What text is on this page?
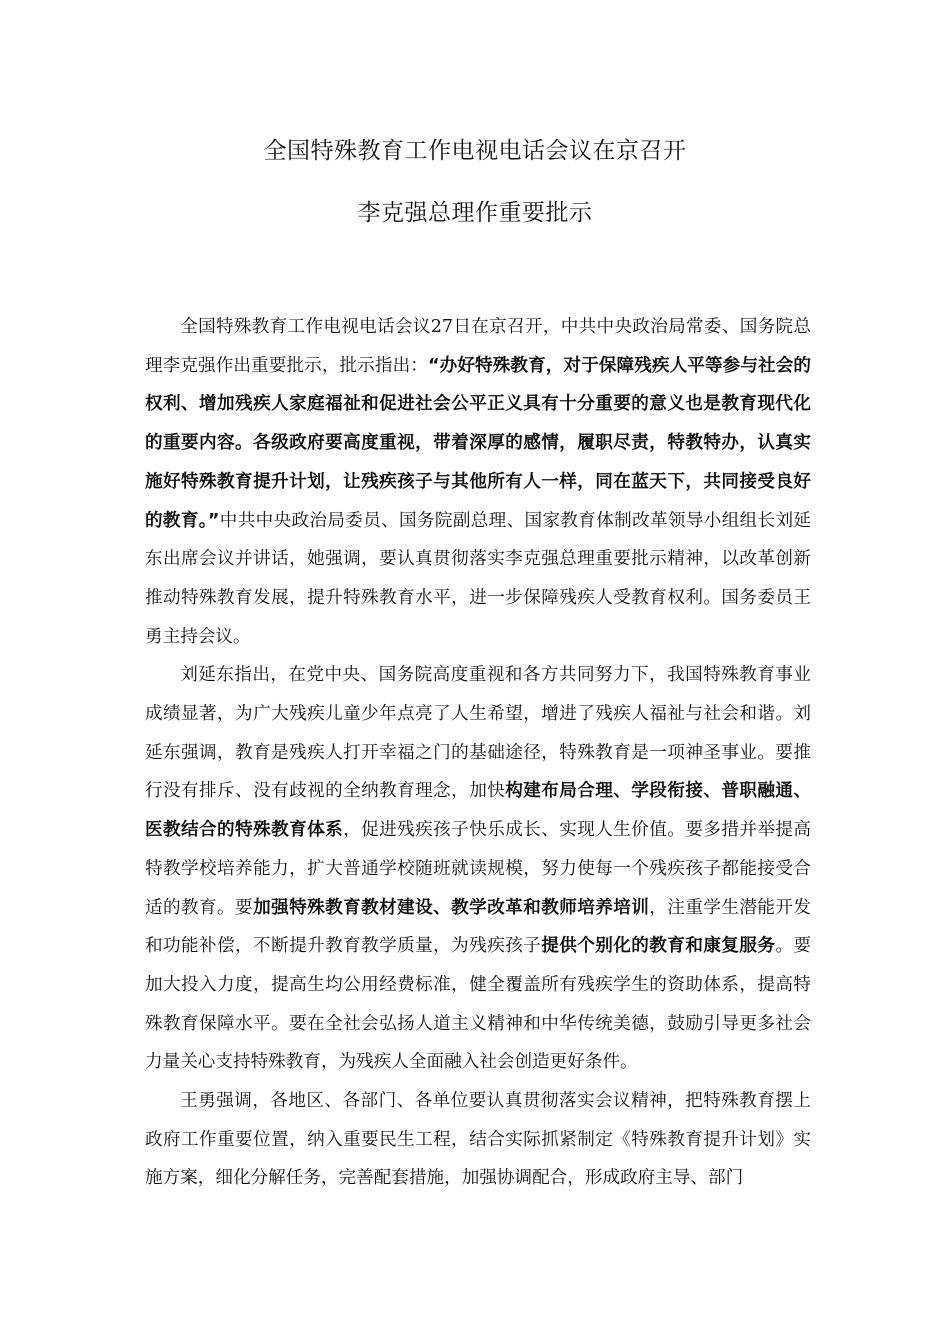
全国特殊教育工作电视电话会议在京召开
李克强总理作重要批示

全国特殊教育工作电视电话会议27日在京召开，中共中央政治局常委、国务院总理李克强作出重要批示，批示指出：“办好特殊教育，对于保障残疾人平等参与社会的权利、增加残疾人家庭福祉和促进社会公平正义具有十分重要的意义也是教育现代化的重要内容。各级政府要高度重视，带着深厚的感情，履职尽责，特教特办，认真实施好特殊教育提升计划，让残疾孩子与其他所有人一样，同在蓝天下，共同接受良好的教育。”中共中央政治局委员、国务院副总理、国家教育体制改革领导小组组长刘延东出席会议并讲话，她强调，要认真贯彻落实李克强总理重要批示精神，以改革创新推动特殊教育发展，提升特殊教育水平，进一步保障残疾人受教育权利。国务委员王勇主持会议。

刘延东指出，在党中央、国务院高度重视和各方共同努力下，我国特殊教育事业成绩显著，为广大残疾儿童少年点亮了人生希望，增进了残疾人福祉与社会和谐。刘延东强调，教育是残疾人打开幸福之门的基础途径，特殊教育是一项神圣事业。要推行没有排斥、没有歧视的全纳教育理念，加快构建布局合理、学段衔接、普职融通、医教结合的特殊教育体系，促进残疾孩子快乐成长、实现人生价值。要多措并举提高特教学校培养能力，扩大普通学校随班就读规模，努力使每一个残疾孩子都能接受合适的教育。要加强特殊教育教材建设、教学改革和教师培养培训，注重学生潜能开发和功能补偿，不断提升教育教学质量，为残疾孩子提供个别化的教育和康复服务。要加大投入力度，提高生均公用经费标准，健全覆盖所有残疾学生的资助体系，提高特殊教育保障水平。要在全社会弘扬人道主义精神和中华传统美德，鼓励引导更多社会力量关心支持特殊教育，为残疾人全面融入社会创造更好条件。

王勇强调，各地区、各部门、各单位要认真贯彻落实会议精神，把特殊教育摆上政府工作重要位置，纳入重要民生工程，结合实际抓紧制定《特殊教育提升计划》实施方案，细化分解任务，完善配套措施，加强协调配合，形成政府主导、部门
